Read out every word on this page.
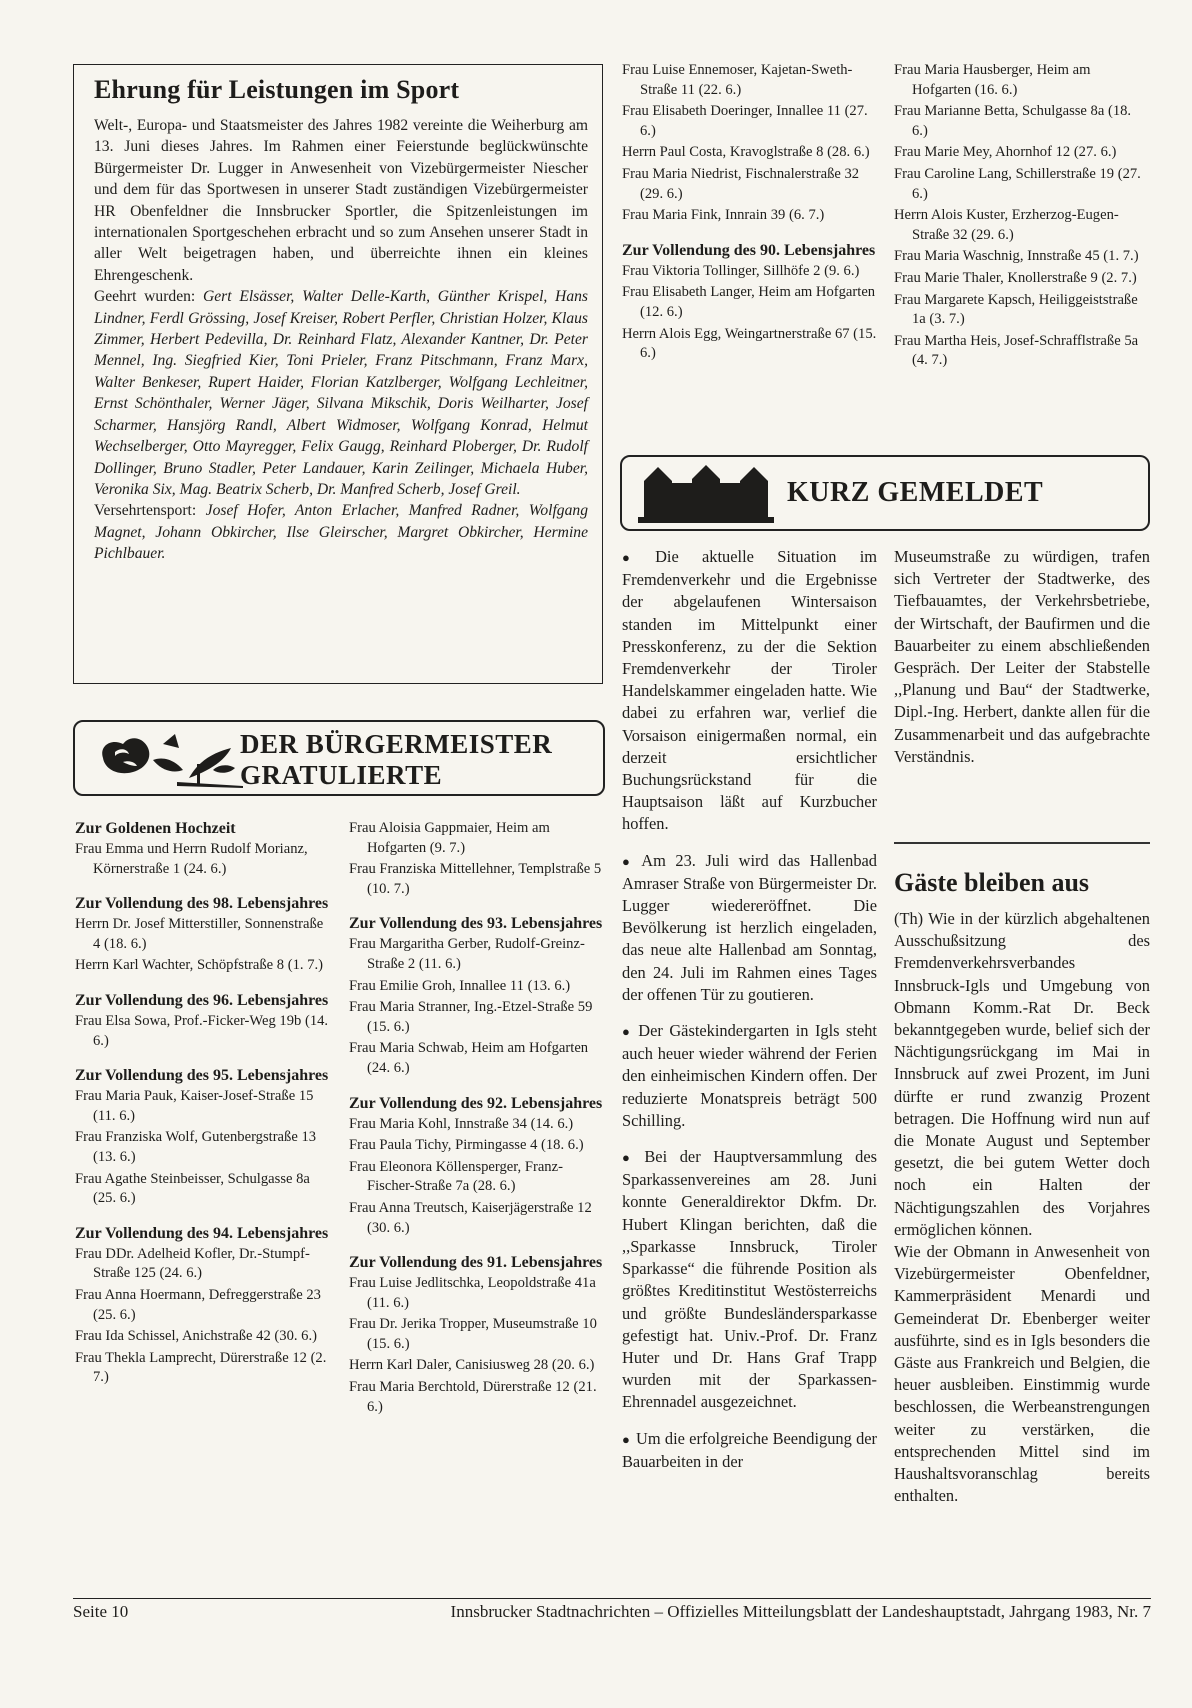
Ehrung für Leistungen im Sport

Welt-, Europa- und Staatsmeister des Jahres 1982 vereinte die Weiherburg am 13. Juni dieses Jahres. Im Rahmen einer Feierstunde beglückwünschte Bürgermeister Dr. Lugger in Anwesenheit von Vizebürgermeister Niescher und dem für das Sportwesen in unserer Stadt zuständigen Vizebürgermeister HR Obenfeldner die Innsbrucker Sportler, die Spitzenleistungen im internationalen Sportgeschehen erbracht und so zum Ansehen unserer Stadt in aller Welt beigetragen haben, und überreichte ihnen ein kleines Ehrengeschenk.

Geehrt wurden: Gert Elsässer, Walter Delle-Karth, Günther Krispel, Hans Lindner, Ferdl Grössing, Josef Kreiser, Robert Perfler, Christian Holzer, Klaus Zimmer, Herbert Pedevilla, Dr. Reinhard Flatz, Alexander Kantner, Dr. Peter Mennel, Ing. Siegfried Kier, Toni Prieler, Franz Pitschmann, Franz Marx, Walter Benkeser, Rupert Haider, Florian Katzlberger, Wolfgang Lechleitner, Ernst Schönthaler, Werner Jäger, Silvana Mikschik, Doris Weilharter, Josef Scharmer, Hansjörg Randl, Albert Widmoser, Wolfgang Konrad, Helmut Wechselberger, Otto Mayregger, Felix Gaugg, Reinhard Ploberger, Dr. Rudolf Dollinger, Bruno Stadler, Peter Landauer, Karin Zeilinger, Michaela Huber, Veronika Six, Mag. Beatrix Scherb, Dr. Manfred Scherb, Josef Greil.

Versehrtensport: Josef Hofer, Anton Erlacher, Manfred Radner, Wolfgang Magnet, Johann Obkircher, Ilse Gleirscher, Margret Obkircher, Hermine Pichlbauer.

DER BÜRGERMEISTER
GRATULIERTE
Zur Goldenen Hochzeit
Frau Emma und Herrn Rudolf Morianz, Körnerstraße 1 (24. 6.)
Zur Vollendung des 98. Lebensjahres
Herrn Dr. Josef Mitterstiller, Sonnenstraße 4 (18. 6.)
Herrn Karl Wachter, Schöpfstraße 8 (1. 7.)
Zur Vollendung des 96. Lebensjahres
Frau Elsa Sowa, Prof.-Ficker-Weg 19b (14. 6.)
Zur Vollendung des 95. Lebensjahres
Frau Maria Pauk, Kaiser-Josef-Straße 15 (11. 6.)
Frau Franziska Wolf, Gutenbergstraße 13 (13. 6.)
Frau Agathe Steinbeisser, Schulgasse 8a (25. 6.)
Zur Vollendung des 94. Lebensjahres
Frau DDr. Adelheid Kofler, Dr.-Stumpf-Straße 125 (24. 6.)
Frau Anna Hoermann, Defreggerstraße 23 (25. 6.)
Frau Ida Schissel, Anichstraße 42 (30. 6.)
Frau Thekla Lamprecht, Dürerstraße 12 (2. 7.)
Frau Aloisia Gappmaier, Heim am Hofgarten (9. 7.)
Frau Franziska Mittellehner, Templstraße 5 (10. 7.)
Zur Vollendung des 93. Lebensjahres
Frau Margaritha Gerber, Rudolf-Greinz-Straße 2 (11. 6.)
Frau Emilie Groh, Innallee 11 (13. 6.)
Frau Maria Stranner, Ing.-Etzel-Straße 59 (15. 6.)
Frau Maria Schwab, Heim am Hofgarten (24. 6.)
Zur Vollendung des 92. Lebensjahres
Frau Maria Kohl, Innstraße 34 (14. 6.)
Frau Paula Tichy, Pirmingasse 4 (18. 6.)
Frau Eleonora Köllensperger, Franz-Fischer-Straße 7a (28. 6.)
Frau Anna Treutsch, Kaiserjägerstraße 12 (30. 6.)
Zur Vollendung des 91. Lebensjahres
Frau Luise Jedlitschka, Leopoldstraße 41a (11. 6.)
Frau Dr. Jerika Tropper, Museumstraße 10 (15. 6.)
Herrn Karl Daler, Canisiusweg 28 (20. 6.)
Frau Maria Berchtold, Dürerstraße 12 (21. 6.)
Frau Luise Ennemoser, Kajetan-Sweth-Straße 11 (22. 6.)
Frau Elisabeth Doeringer, Innallee 11 (27. 6.)
Herrn Paul Costa, Kravoglstraße 8 (28. 6.)
Frau Maria Niedrist, Fischnalerstraße 32 (29. 6.)
Frau Maria Fink, Innrain 39 (6. 7.)
Zur Vollendung des 90. Lebensjahres
Frau Viktoria Tollinger, Sillhöfe 2 (9. 6.)
Frau Elisabeth Langer, Heim am Hofgarten (12. 6.)
Herrn Alois Egg, Weingartnerstraße 67 (15. 6.)
Frau Maria Hausberger, Heim am Hofgarten (16. 6.)
Frau Marianne Betta, Schulgasse 8a (18. 6.)
Frau Marie Mey, Ahornhof 12 (27. 6.)
Frau Caroline Lang, Schillerstraße 19 (27. 6.)
Herrn Alois Kuster, Erzherzog-Eugen-Straße 32 (29. 6.)
Frau Maria Waschnig, Innstraße 45 (1. 7.)
Frau Marie Thaler, Knollerstraße 9 (2. 7.)
Frau Margarete Kapsch, Heiliggeiststraße 1a (3. 7.)
Frau Martha Heis, Josef-Schrafflstraße 5a (4. 7.)
KURZ GEMELDET

● Die aktuelle Situation im Fremdenverkehr und die Ergebnisse der abgelaufenen Wintersaison standen im Mittelpunkt einer Presskonferenz, zu der die Sektion Fremdenverkehr der Tiroler Handelskammer eingeladen hatte. Wie dabei zu erfahren war, verlief die Vorsaison einigermaßen normal, ein derzeit ersichtlicher Buchungsrückstand für die Hauptsaison läßt auf Kurzbucher hoffen.

● Am 23. Juli wird das Hallenbad Amraser Straße von Bürgermeister Dr. Lugger wiedereröffnet. Die Bevölkerung ist herzlich eingeladen, das neue alte Hallenbad am Sonntag, den 24. Juli im Rahmen eines Tages der offenen Tür zu goutieren.

● Der Gästekindergarten in Igls steht auch heuer wieder während der Ferien den einheimischen Kindern offen. Der reduzierte Monatspreis beträgt 500 Schilling.

● Bei der Hauptversammlung des Sparkassenvereines am 28. Juni konnte Generaldirektor Dkfm. Dr. Hubert Klingan berichten, daß die ,,Sparkasse Innsbruck, Tiroler Sparkasse“ die führende Position als größtes Kreditinstitut Westösterreichs und größte Bundesländersparkasse gefestigt hat. Univ.-Prof. Dr. Franz Huter und Dr. Hans Graf Trapp wurden mit der Sparkassen-Ehrennadel ausgezeichnet.

● Um die erfolgreiche Beendigung der Bauarbeiten in der

Museumstraße zu würdigen, trafen sich Vertreter der Stadtwerke, des Tiefbauamtes, der Verkehrsbetriebe, der Wirtschaft, der Baufirmen und die Bauarbeiter zu einem abschließenden Gespräch. Der Leiter der Stabstelle ,,Planung und Bau“ der Stadtwerke, Dipl.-Ing. Herbert, dankte allen für die Zusammenarbeit und das aufgebrachte Verständnis.

Gäste bleiben aus

(Th) Wie in der kürzlich abgehaltenen Ausschußsitzung des Fremdenverkehrsverbandes Innsbruck-Igls und Umgebung von Obmann Komm.-Rat Dr. Beck bekanntgegeben wurde, belief sich der Nächtigungsrückgang im Mai in Innsbruck auf zwei Prozent, im Juni dürfte er rund zwanzig Prozent betragen. Die Hoffnung wird nun auf die Monate August und September gesetzt, die bei gutem Wetter doch noch ein Halten der Nächtigungszahlen des Vorjahres ermöglichen können.

Wie der Obmann in Anwesenheit von Vizebürgermeister Obenfeldner, Kammerpräsident Menardi und Gemeinderat Dr. Ebenberger weiter ausführte, sind es in Igls besonders die Gäste aus Frankreich und Belgien, die heuer ausbleiben. Einstimmig wurde beschlossen, die Werbeanstrengungen weiter zu verstärken, die entsprechenden Mittel sind im Haushaltsvoranschlag bereits enthalten.

Seite 10	Innsbrucker Stadtnachrichten – Offizielles Mitteilungsblatt der Landeshauptstadt, Jahrgang 1983, Nr. 7
